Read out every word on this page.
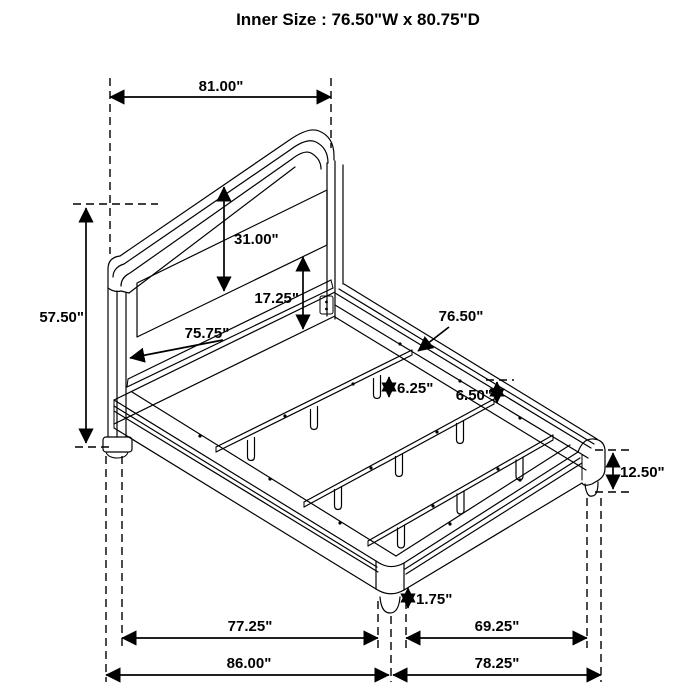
Inner Size : 76.50"W x 80.75"D
81.00"
57.50"
31.00"
17.25"
75.75"
76.50"
6.50"
6.25"
12.50"
1.75"
77.25"	69.25"
86.00"	78.25"
